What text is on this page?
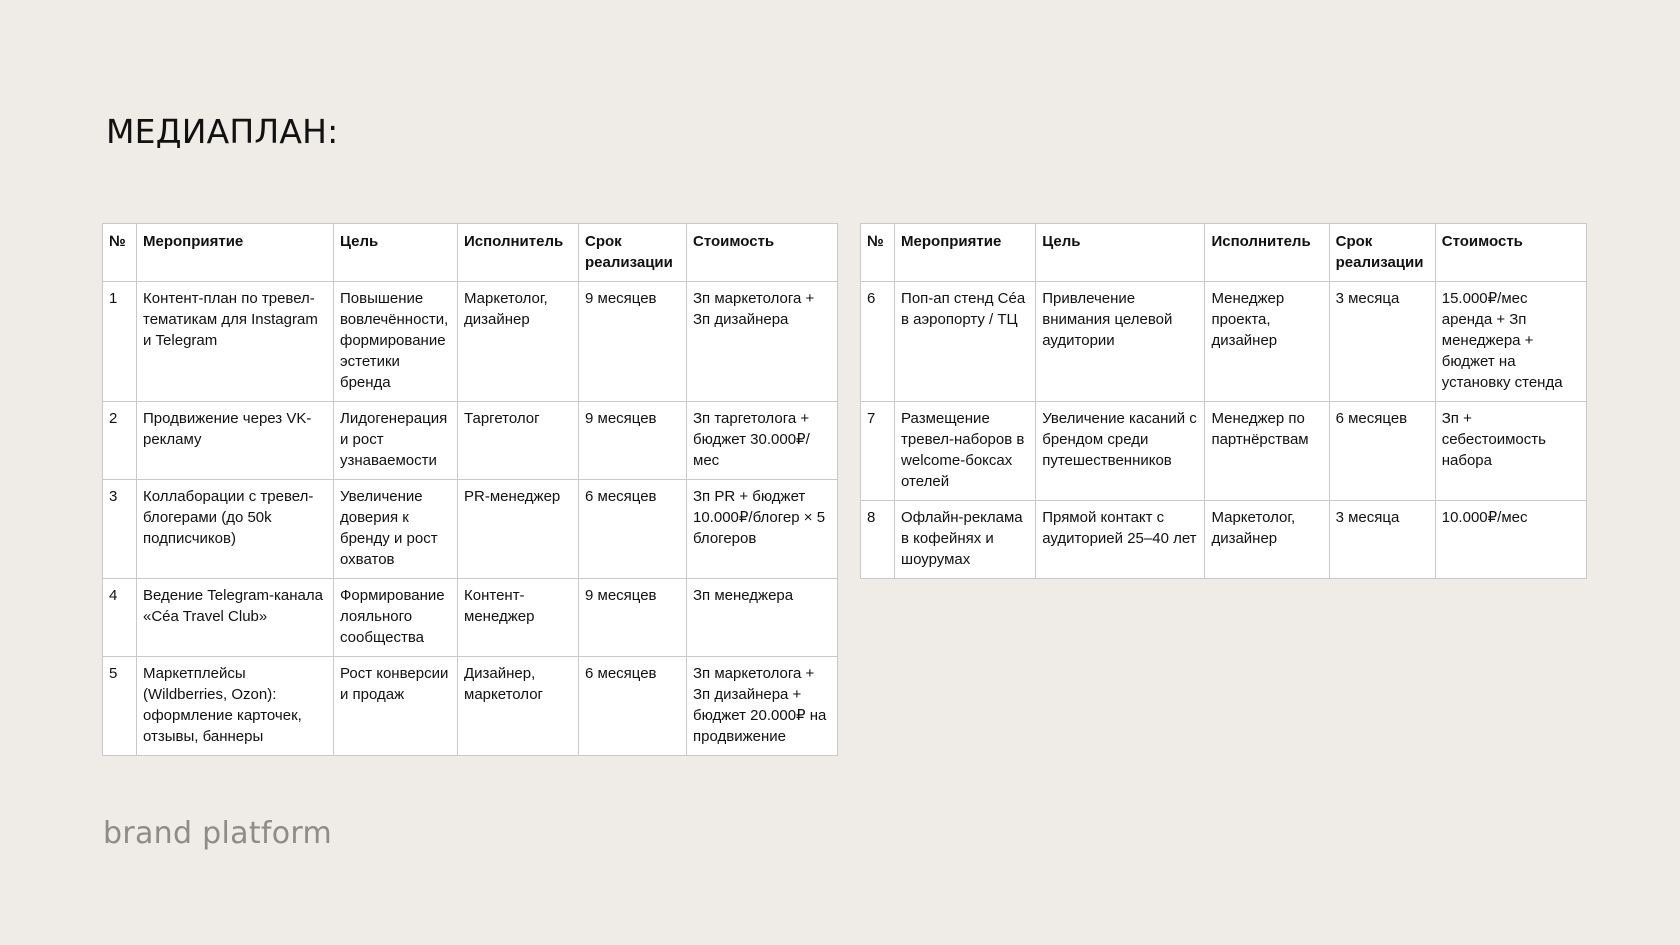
МЕДИАПЛАН:
№	Мероприятие	Цель	Исполнитель	Срок
реализации	Стоимость
1	Контент-план по тревел-
тематикам для Instagram
и Telegram	Повышение
вовлечённости,
формирование
эстетики
бренда	Маркетолог,
дизайнер	9 месяцев	Зп маркетолога +
Зп дизайнера
2	Продвижение через VK-
рекламу	Лидогенерация
и рост
узнаваемости	Таргетолог	9 месяцев	Зп таргетолога +
бюджет 30.000₽/
мес
3	Коллаборации с тревел-
блогерами (до 50k
подписчиков)	Увеличение
доверия к
бренду и рост
охватов	PR-менеджер	6 месяцев	Зп PR + бюджет
10.000₽/блогер × 5
блогеров
4	Ведение Telegram-канала
«Céa Travel Club»	Формирование
лояльного
сообщества	Контент-
менеджер	9 месяцев	Зп менеджера
5	Маркетплейсы
(Wildberries, Ozon):
оформление карточек,
отзывы, баннеры	Рост конверсии
и продаж	Дизайнер,
маркетолог	6 месяцев	Зп маркетолога +
Зп дизайнера +
бюджет 20.000₽ на
продвижение
№	Мероприятие	Цель	Исполнитель	Срок
реализации	Стоимость
6	Поп-ап стенд Céa
в аэропорту / ТЦ	Привлечение
внимания целевой
аудитории	Менеджер
проекта,
дизайнер	3 месяца	15.000₽/мес
аренда + Зп
менеджера +
бюджет на
установку стенда
7	Размещение
тревел-наборов в
welcome-боксах
отелей	Увеличение касаний с
брендом среди
путешественников	Менеджер по
партнёрствам	6 месяцев	Зп + себестоимость
набора
8	Офлайн-реклама
в кофейнях и
шоурумах	Прямой контакт с
аудиторией 25–40 лет	Маркетолог,
дизайнер	3 месяца	10.000₽/мес
brand platform
